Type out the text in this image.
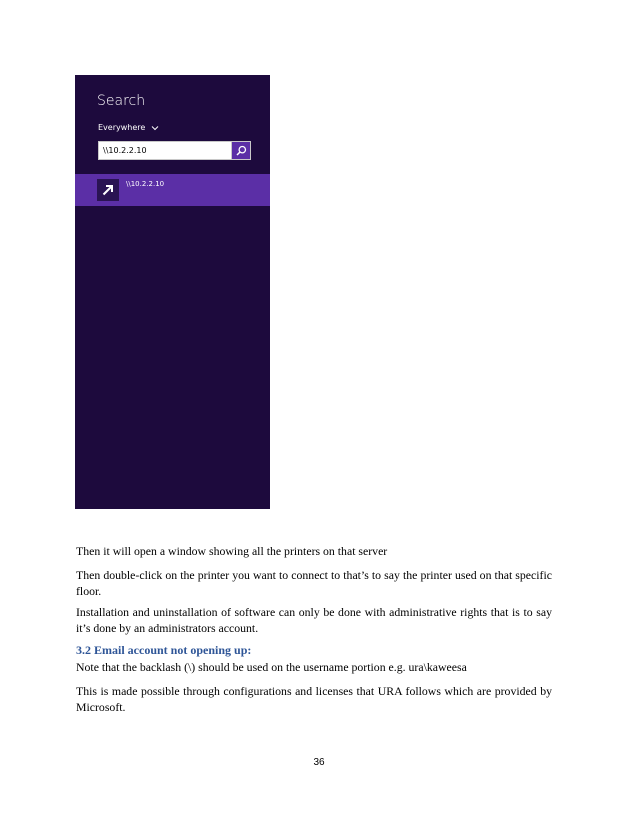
Search
Everywhere
\\10.2.2.10
\\10.2.2.10

Then it will open a window showing all the printers on that server

Then double-click on the printer you want to connect to that’s to say the printer used on that specific floor.

Installation and uninstallation of software can only be done with administrative rights that is to say it’s done by an administrators account.

3.2 Email account not opening up:

Note that the backlash (\) should be used on the username portion e.g. ura\kaweesa

This is made possible through configurations and licenses that URA follows which are provided by Microsoft.

36
